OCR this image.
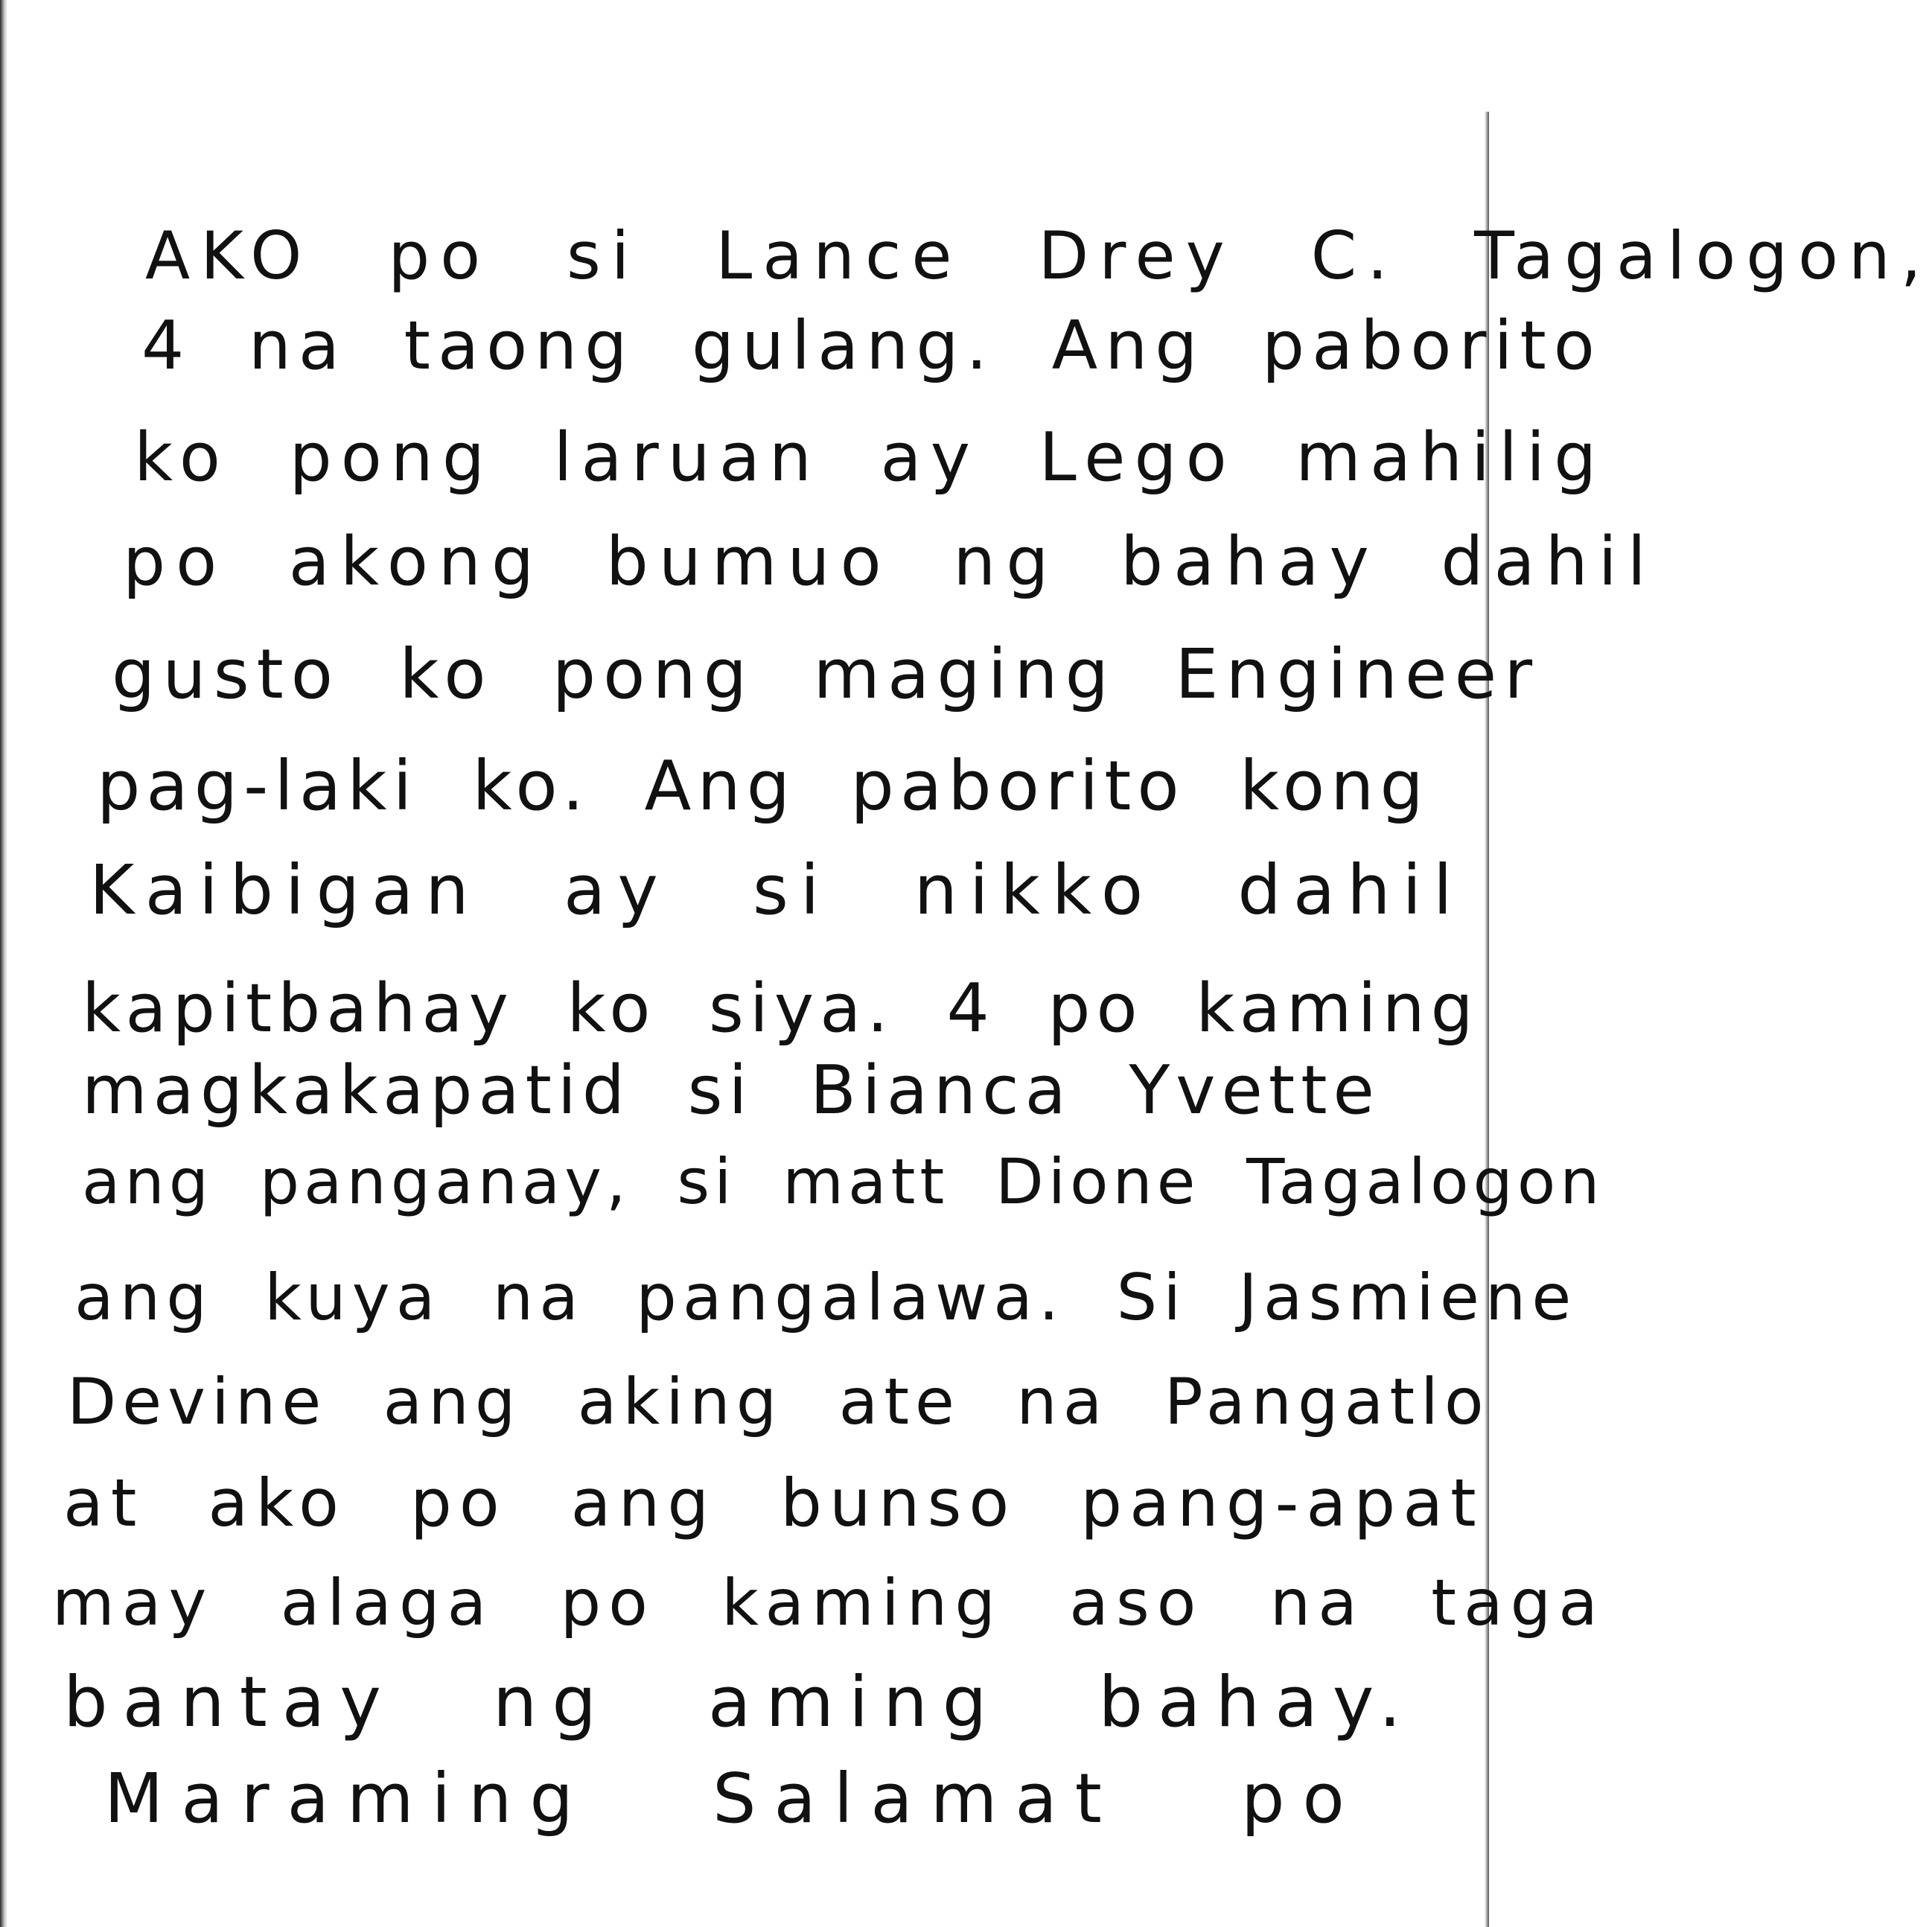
AKO po si Lance Drey C. Tagalogon,

4 na taong gulang. Ang paborito

ko pong laruan ay Lego mahilig

po akong bumuo ng bahay dahil

gusto ko pong maging Engineer

pag-laki ko. Ang paborito kong

Kaibigan ay si nikko dahil

kapitbahay ko siya. 4 po kaming

magkakapatid si Bianca Yvette

ang panganay, si matt Dione Tagalogon

ang kuya na pangalawa. Si Jasmiene

Devine ang aking ate na Pangatlo

at ako po ang bunso pang-apat

may alaga po kaming aso na taga

bantay ng aming bahay.

Maraming Salamat po
